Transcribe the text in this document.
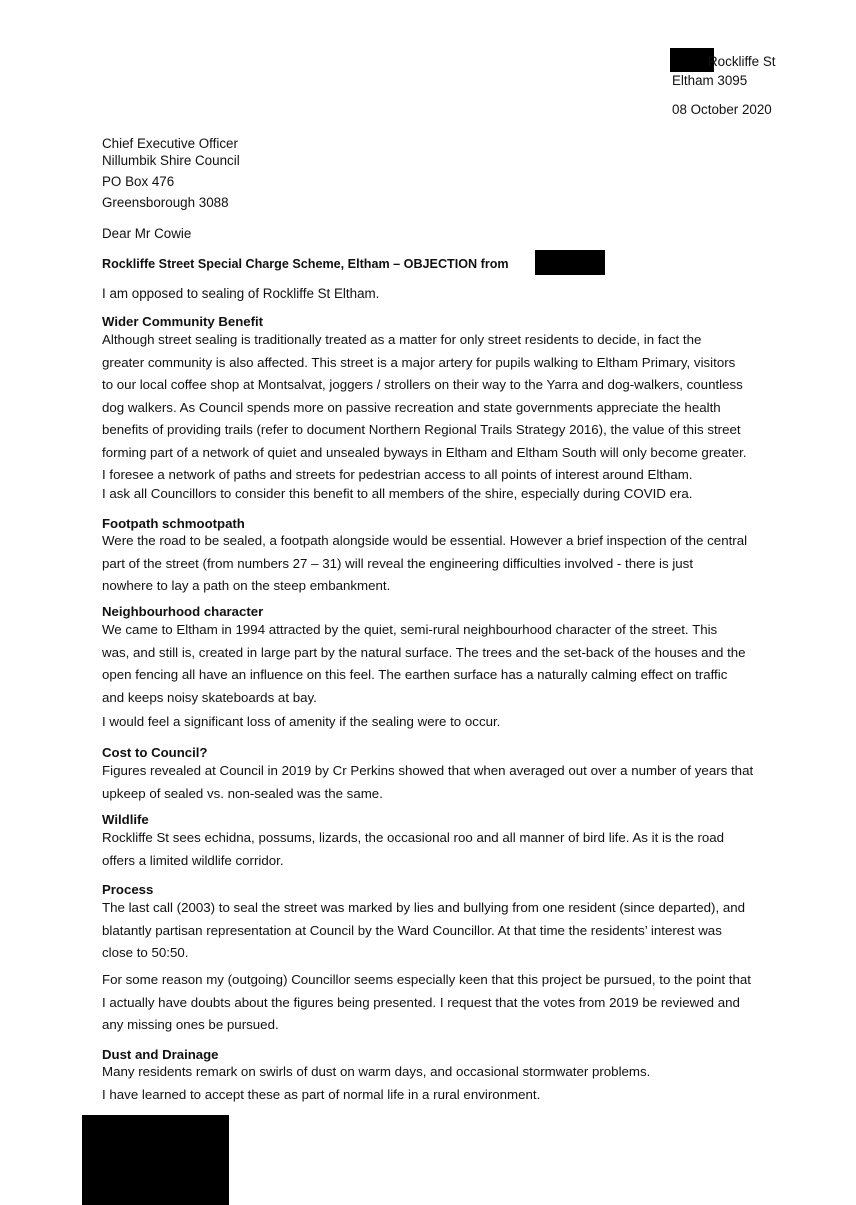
Rockliffe St
Eltham 3095
08 October 2020
Chief Executive Officer
Nillumbik Shire Council
PO Box 476
Greensborough 3088
Dear Mr Cowie
Rockliffe Street Special Charge Scheme, Eltham – OBJECTION from
I am opposed to sealing of Rockliffe St Eltham.
Wider Community Benefit
Although street sealing is traditionally treated as a matter for only street residents to decide, in fact the
greater community is also affected. This street is a major artery for pupils walking to Eltham Primary, visitors
to our local coffee shop at Montsalvat, joggers / strollers on their way to the Yarra and dog-walkers, countless
dog walkers. As Council spends more on passive recreation and state governments appreciate the health
benefits of providing trails (refer to document Northern Regional Trails Strategy 2016), the value of this street
forming part of a network of quiet and unsealed byways in Eltham and Eltham South will only become greater.
I foresee a network of paths and streets for pedestrian access to all points of interest around Eltham.
I ask all Councillors to consider this benefit to all members of the shire, especially during COVID era.
Footpath schmootpath
Were the road to be sealed, a footpath alongside would be essential. However a brief inspection of the central
part of the street (from numbers 27 – 31) will reveal the engineering difficulties involved - there is just
nowhere to lay a path on the steep embankment.
Neighbourhood character
We came to Eltham in 1994 attracted by the quiet, semi-rural neighbourhood character of the street. This
was, and still is, created in large part by the natural surface. The trees and the set-back of the houses and the
open fencing all have an influence on this feel. The earthen surface has a naturally calming effect on traffic
and keeps noisy skateboards at bay.
I would feel a significant loss of amenity if the sealing were to occur.
Cost to Council?
Figures revealed at Council in 2019 by Cr Perkins showed that when averaged out over a number of years that
upkeep of sealed vs. non-sealed was the same.
Wildlife
Rockliffe St sees echidna, possums, lizards, the occasional roo and all manner of bird life. As it is the road
offers a limited wildlife corridor.
Process
The last call (2003) to seal the street was marked by lies and bullying from one resident (since departed), and
blatantly partisan representation at Council by the Ward Councillor. At that time the residents’ interest was
close to 50:50.
For some reason my (outgoing) Councillor seems especially keen that this project be pursued, to the point that
I actually have doubts about the figures being presented. I request that the votes from 2019 be reviewed and
any missing ones be pursued.
Dust and Drainage
Many residents remark on swirls of dust on warm days, and occasional stormwater problems.
I have learned to accept these as part of normal life in a rural environment.
